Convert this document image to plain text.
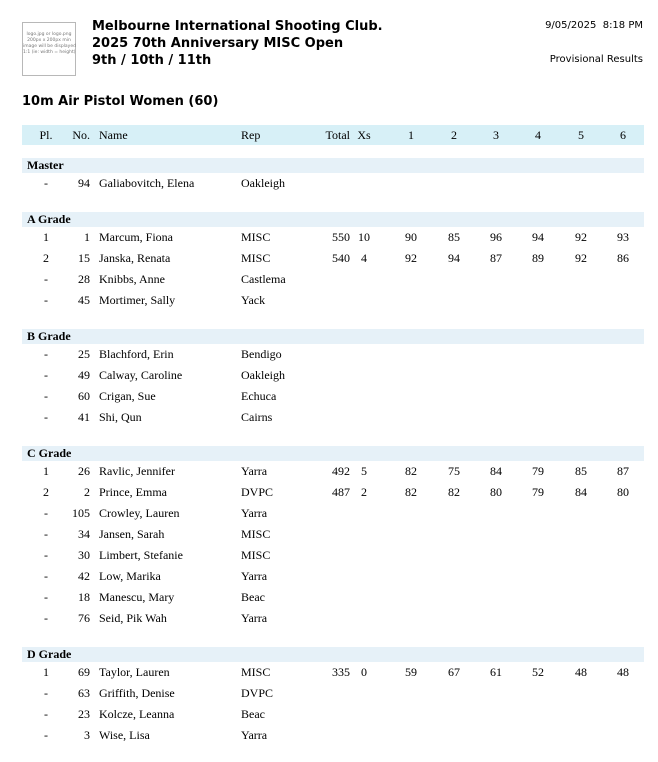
logo.jpg or logo.png
200px x 200px min
image will be displayed
1:1 (ie: width = height)
Melbourne International Shooting Club.
2025 70th Anniversary MISC Open
9th / 10th / 11th
9/05/2025 8:18 PM
Provisional Results
10m Air Pistol Women (60)
Pl.	No. Name	Rep	Total Xs	1	2	3	4	5	6
Master
-	94 Galiabovitch, Elena	Oakleigh
A Grade
1	1 Marcum, Fiona	MISC	550 10	90	85	96	94	92	93
2	15 Janska, Renata	MISC	540 4	92	94	87	89	92	86
-	28 Knibbs, Anne	Castlema
-	45 Mortimer, Sally	Yack
B Grade
-	25 Blachford, Erin	Bendigo
-	49 Calway, Caroline	Oakleigh
-	60 Crigan, Sue	Echuca
-	41 Shi, Qun	Cairns
C Grade
1	26 Ravlic, Jennifer	Yarra	492 5	82	75	84	79	85	87
2	2 Prince, Emma	DVPC	487 2	82	82	80	79	84	80
-	105 Crowley, Lauren	Yarra
-	34 Jansen, Sarah	MISC
-	30 Limbert, Stefanie	MISC
-	42 Low, Marika	Yarra
-	18 Manescu, Mary	Beac
-	76 Seid, Pik Wah	Yarra
D Grade
1	69 Taylor, Lauren	MISC	335 0	59	67	61	52	48	48
-	63 Griffith, Denise	DVPC
-	23 Kolcze, Leanna	Beac
-	3 Wise, Lisa	Yarra
